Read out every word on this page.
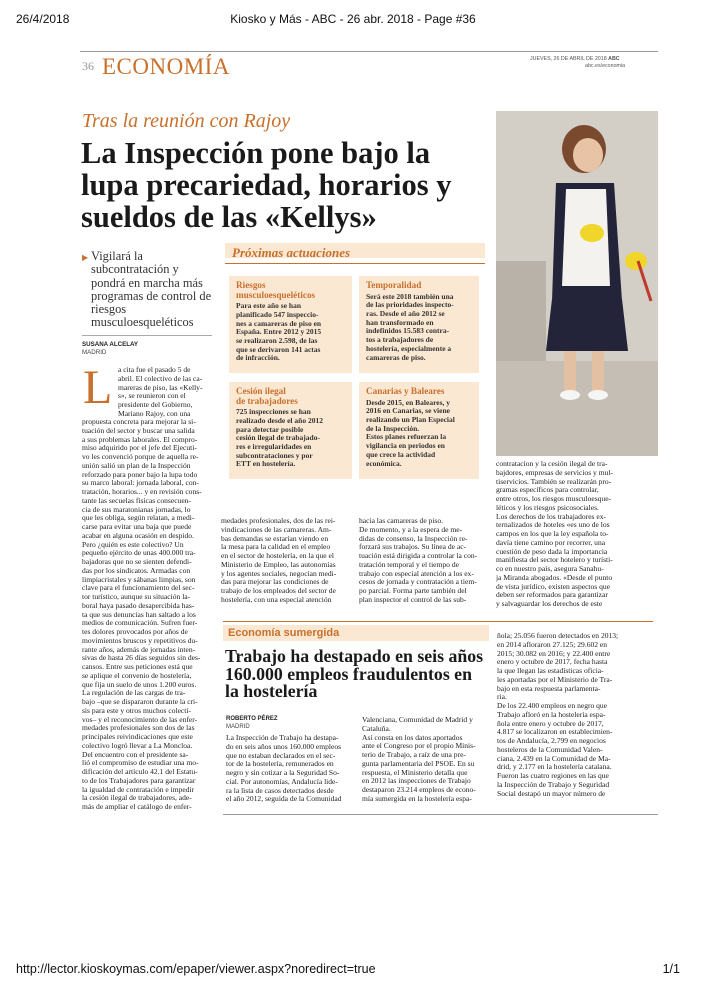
26/4/2018	Kiosko y Más - ABC - 26 abr. 2018 - Page #36
http://lector.kioskoymas.com/epaper/viewer.aspx?noredirect=true	1/1
36 ECONOMÍA	JUEVES, 26 DE ABRIL DE 2018 ABC
abc.es/economia
Tras la reunión con Rajoy
La Inspección pone bajo la lupa precariedad, horarios y sueldos de las «Kellys»
▶ Vigilará la subcontratación y pondrá en marcha más programas de control de riesgos musculoesqueléticos
SUSANA ALCELAY
MADRID
L a cita fue el pasado 5 de
abril. El colectivo de las ca-
mareras de piso, las «Kelly-
s», se reunieron con el
presidente del Gobierno,
Mariano Rajoy, con una
propuesta concreta para mejorar la si-
tuación del sector y buscar una salida
a sus problemas laborales. El compro-
miso adquirido por el jefe del Ejecuti-
vo les convenció porque de aquella re-
unión salió un plan de la Inspección
reforzado para poner bajo la lupa todo
su marco laboral: jornada laboral, con-
tratación, horarios... y en revisión cons-
tante las secuelas físicas consecuen-
cia de sus maratonianas jornadas, lo
que les obliga, según relatan, a medi-
carse para evitar una baja que puede
acabar en alguna ocasión en despido.
Pero ¿quién es este colectivo? Un
pequeño ejército de unas 400.000 tra-
bajadoras que no se sienten defendi-
das por los sindicatos. Armadas con
limpiacristales y sábanas limpias, son
clave para el funcionamiento del sec-
tor turístico, aunque su situación la-
boral haya pasado desapercibida has-
ta que sus denuncias han saltado a los
medios de comunicación. Sufren fuer-
tes dolores provocados por años de
movimientos bruscos y repetitivos du-
rante años, además de jornadas inten-
sivas de hasta 26 días seguidos sin des-
cansos. Entre sus peticiones está que
se aplique el convenio de hostelería,
que fija un suelo de unos 1.200 euros.
La regulación de las cargas de tra-
bajo –que se dispararon durante la cri-
sis para este y otros muchos colecti-
vos– y el reconocimiento de las enfer-
medades profesionales son dos de las
principales reivindicaciones que este
colectivo logró llevar a La Moncloa.
Del encuentro con el presidente sa-
lió el compromiso de estudiar una mo-
dificación del artículo 42.1 del Estatu-
to de los Trabajadores para garantizar
la igualdad de contratación e impedir
la cesión ilegal de trabajadores, ade-
más de ampliar el catálogo de enfer-
Próximas actuaciones
Riesgos
musculoesqueléticos
Para este año se han
planificado 547 inspeccio-
nes a camareras de piso en
España. Entre 2012 y 2015
se realizaron 2.598, de las
que se derivaron 141 actas
de infracción.
Temporalidad
Será este 2018 también una
de las prioridades inspecto-
ras. Desde el año 2012 se
han transformado en
indefinidos 15.583 contra-
tos a trabajadores de
hostelería, especialmente a
camareras de piso.
Cesión ilegal
de trabajadores
725 inspecciones se han
realizado desde el año 2012
para detectar posible
cesión ilegal de trabajado-
res e irregularidades en
subcontrataciones y por
ETT en hostelería.
Canarias y Baleares
Desde 2015, en Baleares, y
2016 en Canarias, se viene
realizando un Plan Especial
de la Inspección.
Estos planes refuerzan la
vigilancia en periodos en
que crece la actividad
económica.
medades profesionales, dos de las rei-
vindicaciones de las camareras. Am-
bas demandas se estarían viendo en
la mesa para la calidad en el empleo
en el sector de hostelería, en la que el
Ministerio de Empleo, las autonomías
y los agentes sociales, negocian medi-
das para mejorar las condiciones de
trabajo de los empleados del sector de
hostelería, con una especial atención
hacia las camareras de piso.
De momento, y a la espera de me-
didas de consenso, la Inspección re-
forzará sus trabajos. Su línea de ac-
tuación está dirigida a controlar la con-
tratación temporal y el tiempo de
trabajo con especial atención a los ex-
cesos de jornada y contratación a tiem-
po parcial. Forma parte también del
plan inspector el control de las sub-
contratacion y la cesión ilegal de tra-
bajdores, empresas de servicios y mul-
tiservicios. También se realizarán pro-
gramas específicos para controlar,
entre otros, los riesgos musculoesque-
léticos y los riesgos psicosociales.
Los derechos de los trabajadores ex-
ternalizados de hoteles «es uno de los
campos en los que la ley española to-
davía tiene camino por recorrer, una
cuestión de peso dada la importancia
manifiesta del sector hotelero y turísti-
co en nuestro país, asegura Sanahu-
ja Miranda abogados. «Desde el punto
de vista jurídico, existen aspectos que
deben ser reformados para garantizar
y salvaguardar los derechos de este
Economía sumergida
Trabajo ha destapado en seis años 160.000 empleos fraudulentos en la hostelería
ROBERTO PÉREZ
MADRID
La Inspección de Trabajo ha destapa-
do en seis años unos 160.000 empleos
que no estaban declarados en el sec-
tor de la hostelería, remunerados en
negro y sin cotizar a la Seguridad So-
cial. Por autonomías, Andalucía lide-
ra la lista de casos detectados desde
el año 2012, seguida de la Comunidad
Valenciana, Comunidad de Madrid y
Cataluña.
Así consta en los datos aportados
ante el Congreso por el propio Minis-
terio de Trabajo, a raíz de una pre-
gunta parlamentaria del PSOE. En su
respuesta, el Ministerio detalla que
en 2012 las inspecciones de Trabajo
destaparon 23.214 empleos de econo-
mía sumergida en la hostelería espa-
ñola; 25.056 fueron detectados en 2013;
en 2014 afloraron 27.125; 29.602 en
2015; 30.082 en 2016; y 22.400 entre
enero y octubre de 2017, fecha hasta
la que llegan las estadísticas oficia-
les aportadas por el Ministerio de Tra-
bajo en esta respuesta parlamenta-
ria.
De los 22.400 empleos en negro que
Trabajo afloró en la hostelería espa-
ñola entre enero y octubre de 2017,
4.817 se localizaron en establecimien-
tos de Andalucía, 2.799 en negocios
hosteleros de la Comunidad Valen-
ciana, 2.439 en la Comunidad de Ma-
drid, y 2.177 en la hostelería catalana.
Fueron las cuatro regiones en las que
la Inspección de Trabajo y Seguridad
Social destapó un mayor número de
